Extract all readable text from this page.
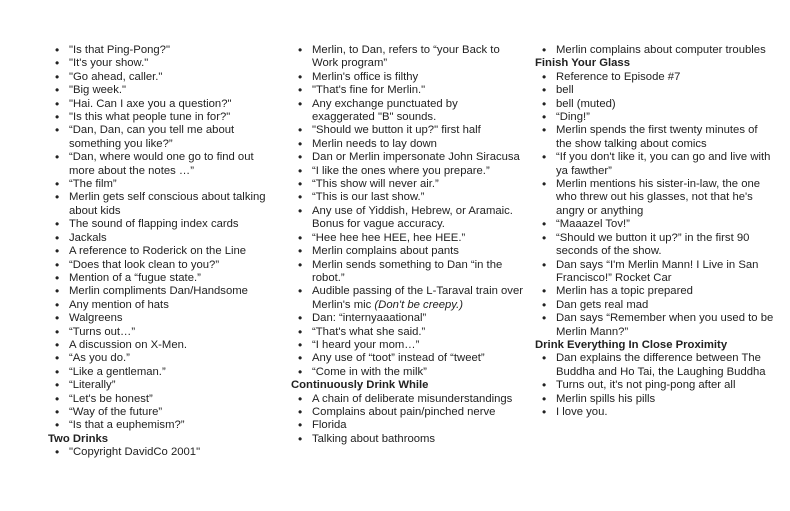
• "Is that Ping-Pong?"
• "It's your show."
• "Go ahead, caller."
• "Big week."
• "Hai. Can I axe you a question?"
• "Is this what people tune in for?"
• “Dan, Dan, can you tell me about something you like?”
• “Dan, where would one go to find out more about the notes …”
• “The film”
• Merlin gets self conscious about talking about kids
• The sound of flapping index cards
• Jackals
• A reference to Roderick on the Line
• “Does that look clean to you?”
• Mention of a “fugue state.”
• Merlin compliments Dan/Handsome
• Any mention of hats
• Walgreens
• “Turns out…”
• A discussion on X-Men.
• “As you do.”
• “Like a gentleman.”
• “Literally”
• “Let's be honest”
• “Way of the future”
• “Is that a euphemism?”
Two Drinks
• "Copyright DavidCo 2001"
• Merlin, to Dan, refers to “your Back to Work program”
• Merlin's office is filthy
• "That's fine for Merlin."
• Any exchange punctuated by exaggerated "B" sounds.
• "Should we button it up?" first half
• Merlin needs to lay down
• Dan or Merlin impersonate John Siracusa
• “I like the ones where you prepare.”
• “This show will never air.”
• “This is our last show.”
• Any use of Yiddish, Hebrew, or Aramaic. Bonus for vague accuracy.
• “Hee hee hee HEE, hee HEE.”
• Merlin complains about pants
• Merlin sends something to Dan “in the robot.”
• Audible passing of the L-Taraval train over Merlin's mic (Don't be creepy.)
• Dan: “internyaaational”
• “That's what she said.”
• “I heard your mom…”
• Any use of “toot” instead of “tweet”
• “Come in with the milk”
Continuously Drink While
• A chain of deliberate misunderstandings
• Complains about pain/pinched nerve
• Florida
• Talking about bathrooms
• Merlin complains about computer troubles
Finish Your Glass
• Reference to Episode #7
• bell
• bell (muted)
• “Ding!”
• Merlin spends the first twenty minutes of the show talking about comics
• “If you don't like it, you can go and live with ya fawther”
• Merlin mentions his sister-in-law, the one who threw out his glasses, not that he's angry or anything
• “Maaazel Tov!”
• “Should we button it up?” in the first 90 seconds of the show.
• Dan says “I'm Merlin Mann! I Live in San Francisco!” Rocket Car
• Merlin has a topic prepared
• Dan gets real mad
• Dan says “Remember when you used to be Merlin Mann?”
Drink Everything In Close Proximity
• Dan explains the difference between The Buddha and Ho Tai, the Laughing Buddha
• Turns out, it's not ping-pong after all
• Merlin spills his pills
• I love you.
